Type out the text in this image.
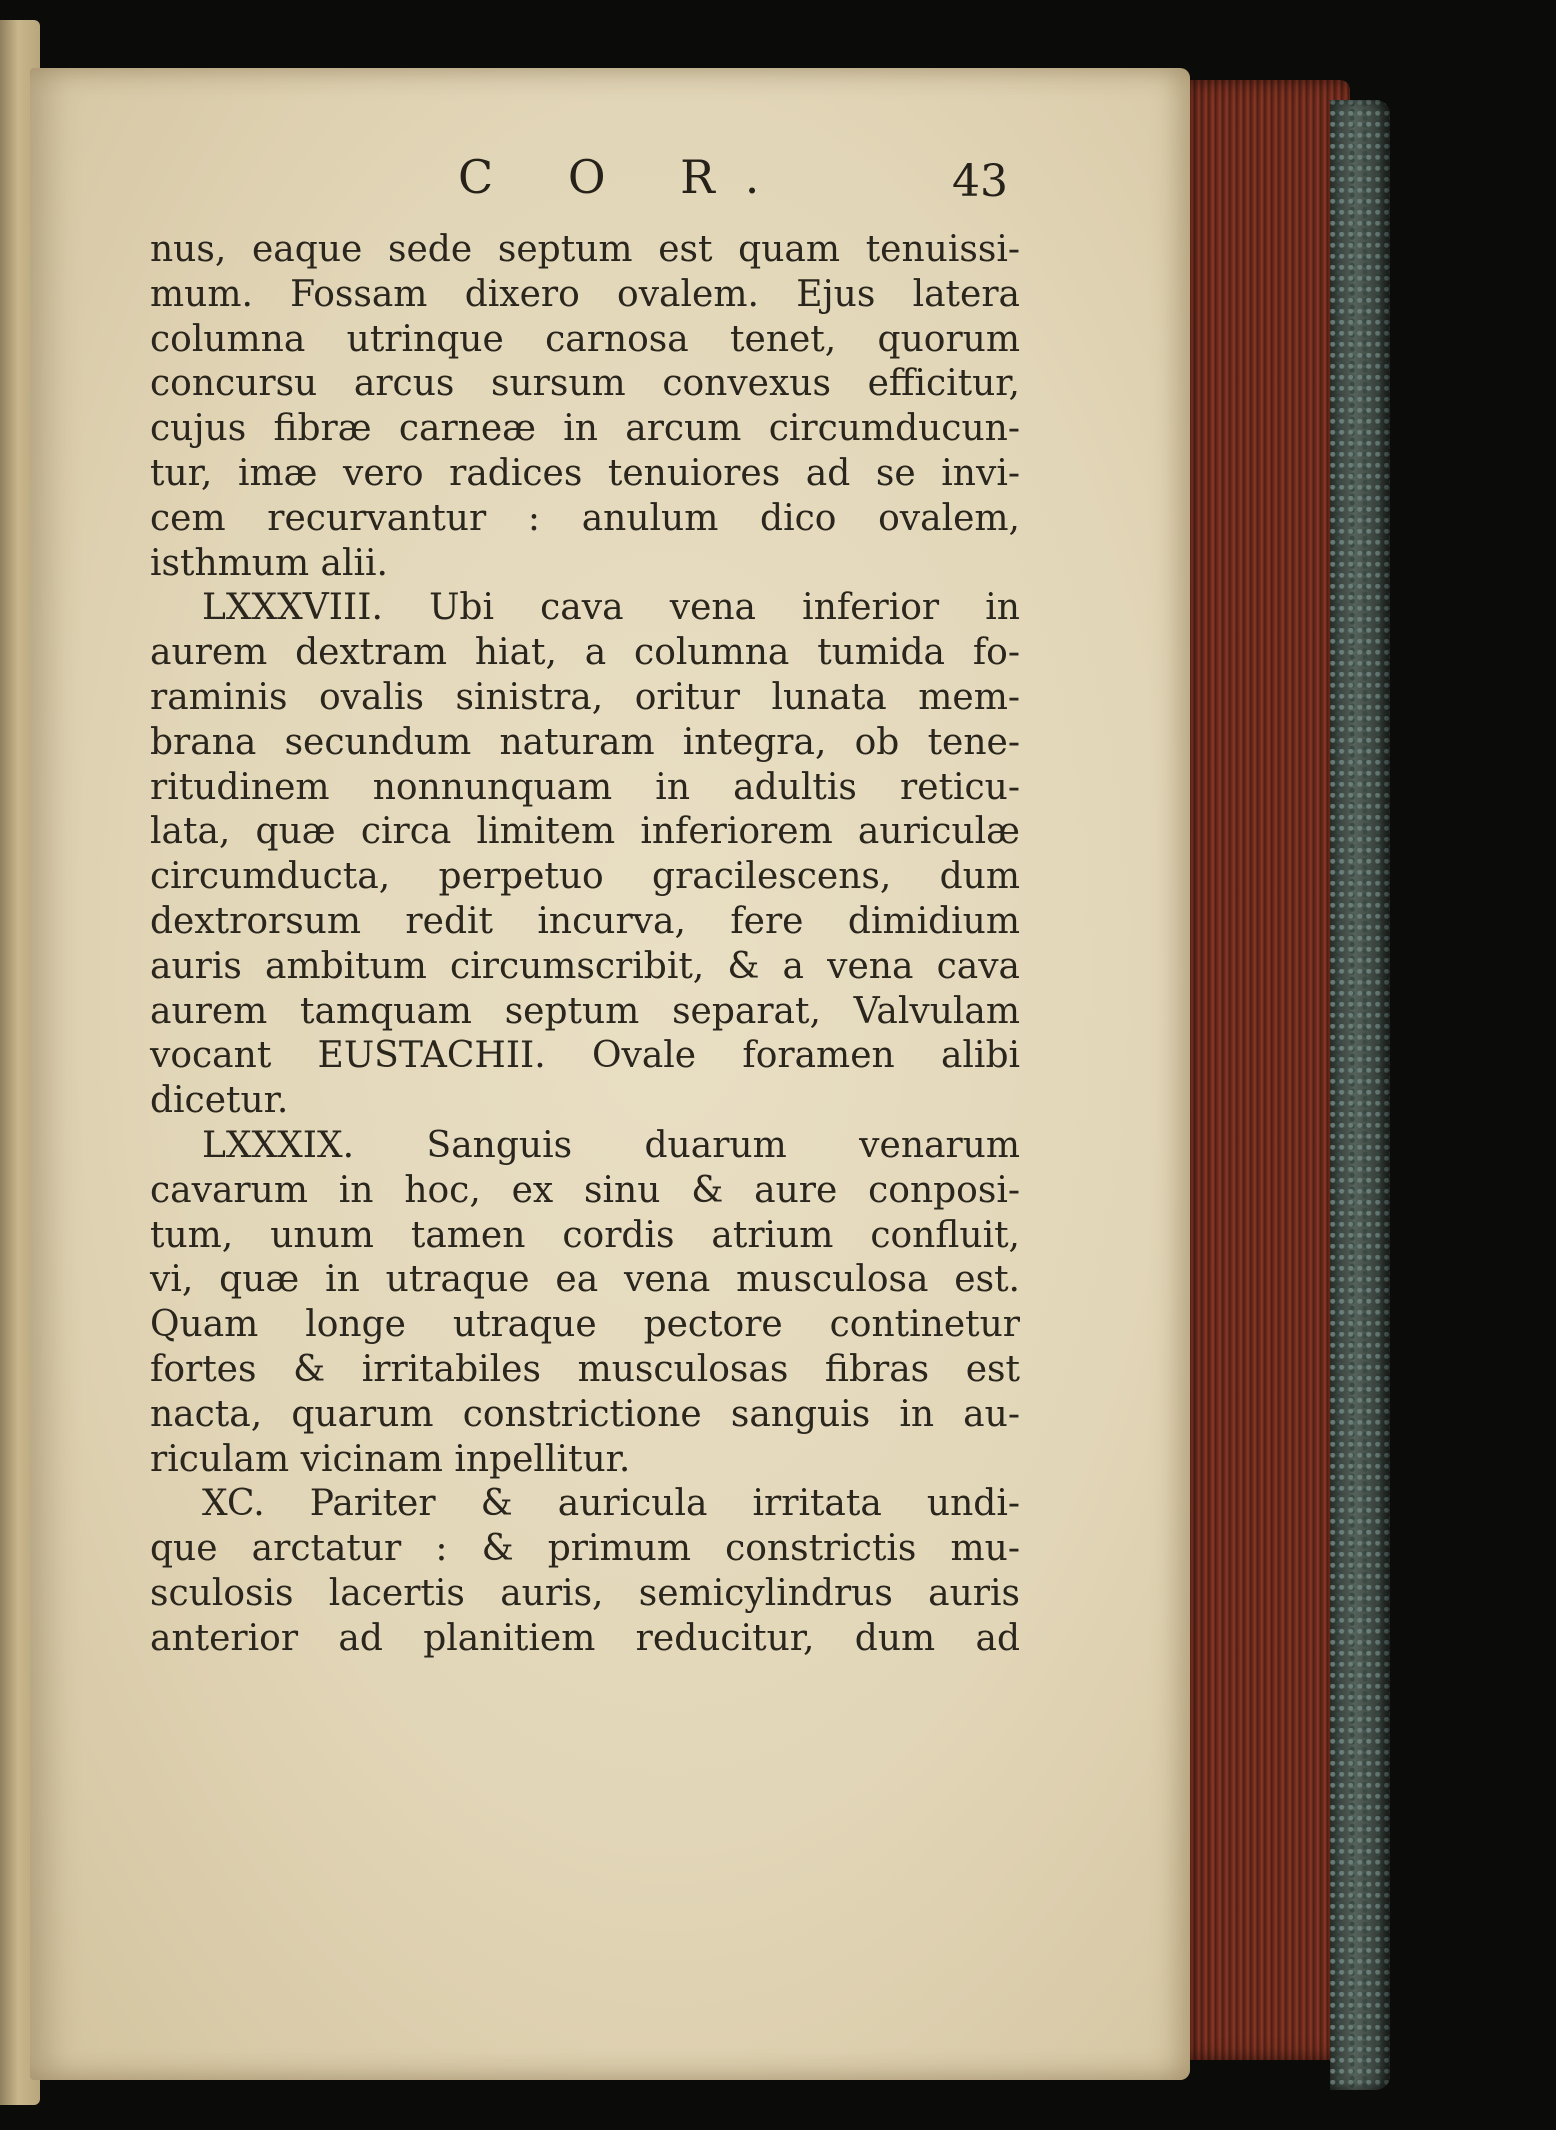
C O R.	43
nus, eaque sede septum est quam tenuissi-
mum. Fossam dixero ovalem. Ejus latera
columna utrinque carnosa tenet, quorum
concursu arcus sursum convexus efficitur,
cujus fibræ carneæ in arcum circumducun-
tur, imæ vero radices tenuiores ad se invi-
cem recurvantur : anulum dico ovalem,
isthmum alii.
LXXXVIII. Ubi cava vena inferior in
aurem dextram hiat, a columna tumida fo-
raminis ovalis sinistra, oritur lunata mem-
brana secundum naturam integra, ob tene-
ritudinem nonnunquam in adultis reticu-
lata, quæ circa limitem inferiorem auriculæ
circumducta, perpetuo gracilescens, dum
dextrorsum redit incurva, fere dimidium
auris ambitum circumscribit, & a vena cava
aurem tamquam septum separat, Valvulam
vocant EUSTACHII. Ovale foramen alibi
dicetur.
LXXXIX. Sanguis duarum venarum
cavarum in hoc, ex sinu & aure conposi-
tum, unum tamen cordis atrium confluit,
vi, quæ in utraque ea vena musculosa est.
Quam longe utraque pectore continetur
fortes & irritabiles musculosas fibras est
nacta, quarum constrictione sanguis in au-
riculam vicinam inpellitur.
XC. Pariter & auricula irritata undi-
que arctatur : & primum constrictis mu-
sculosis lacertis auris, semicylindrus auris
anterior ad planitiem reducitur, dum ad
